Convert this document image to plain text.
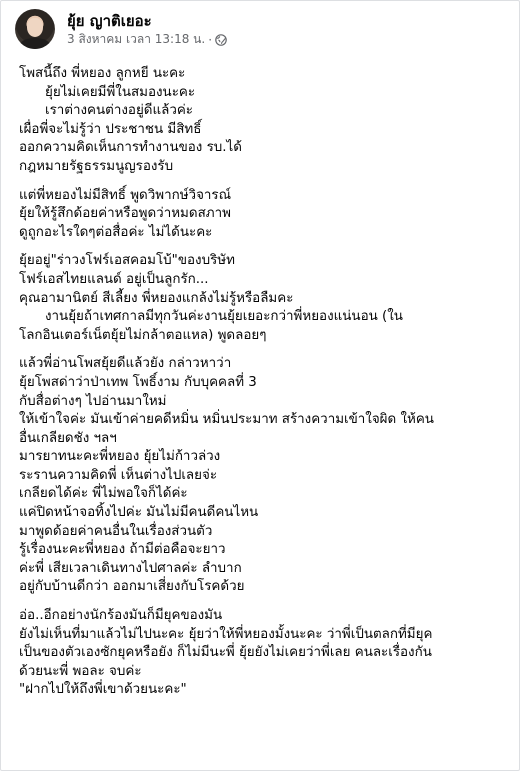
ยุ้ย ญาติเยอะ
3 สิงหาคม เวลา 13:18 น. ·
โพสนี้ถึง พี่หยอง ลูกหยี นะคะ
ยุ้ยไม่เคยมีพี่ในสมองนะคะ
เราต่างคนต่างอยู่ดีแล้วค่ะ
เผื่อพี่จะไม่รู้ว่า ประชาชน มีสิทธิ์
ออกความคิดเห็นการทำงานของ รบ.ได้
กฎหมายรัฐธรรมนูญรองรับ
แต่พี่หยองไม่มีสิทธิ์ พูดวิพากษ์วิจารณ์
ยุ้ยให้รู้สึกด้อยค่าหรือพูดว่าหมดสภาพ
ดูถูกอะไรใดๆต่อสื่อค่ะ ไม่ได้นะคะ
ยุ้ยอยู่"ร่าวงโฟร์เอสคอมโบ้"ของบริษัท
โฟร์เอสไทยแลนด์ อยู่เป็นลูกรัก...
คุณอามานิตย์ สีเลี้ยง พี่หยองแกล้งไม่รู้หรือลืมคะ
งานยุ้ยถ้าเทศกาลมีทุกวันค่ะงานยุ้ยเยอะกว่าพี่หยองแน่นอน (ใน
โลกอินเตอร์เน็ตยุ้ยไม่กล้าตอแหล) พูดลอยๆ
แล้วพี่อ่านโพสยุ้ยดีแล้วยัง กล่าวหาว่า
ยุ้ยโพสด่าว่าป่าเทพ โพธิ์งาม กับบุคคลที่ 3
กับสื่อต่างๆ ไปอ่านมาใหม่
ให้เข้าใจค่ะ มันเข้าค่ายคดีหมิ่น หมิ่นประมาท สร้างความเข้าใจผิด ให้คน
อื่นเกลียดชัง ฯลฯ
มารยาทนะคะพี่หยอง ยุ้ยไม่ก้าวล่วง
ระรานความคิดพี่ เห็นต่างไปเลยจ่ะ
เกลียดได้ค่ะ พี่ไม่พอใจก็ได้ค่ะ
แค่ปิดหน้าจอทิ้งไปค่ะ มันไม่มีคนดีคนไหน
มาพูดด้อยค่าคนอื่นในเรื่องส่วนตัว
รู้เรื่องนะคะพี่หยอง ถ้ามีต่อคือจะยาว
ค่ะพี่ เสียเวลาเดินทางไปศาลค่ะ ลำบาก
อยู่กับบ้านดีกว่า ออกมาเสี่ยงกับโรคด้วย
อ่อ..อีกอย่างนักร้องมันก็มียุคของมัน
ยังไม่เห็นที่มาแล้วไม่ไปนะคะ ยุ้ยว่าให้พี่หยองมั้งนะคะ ว่าพี่เป็นตลกที่มียุค
เป็นของตัวเองซักยุคหรือยัง ก็ไม่มีนะพี่ ยุ้ยยังไม่เคยว่าพี่เลย คนละเรื่องกัน
ด้วยนะพี่ พอละ จบค่ะ
"ฝากไปให้ถึงพี่เขาด้วยนะคะ"
